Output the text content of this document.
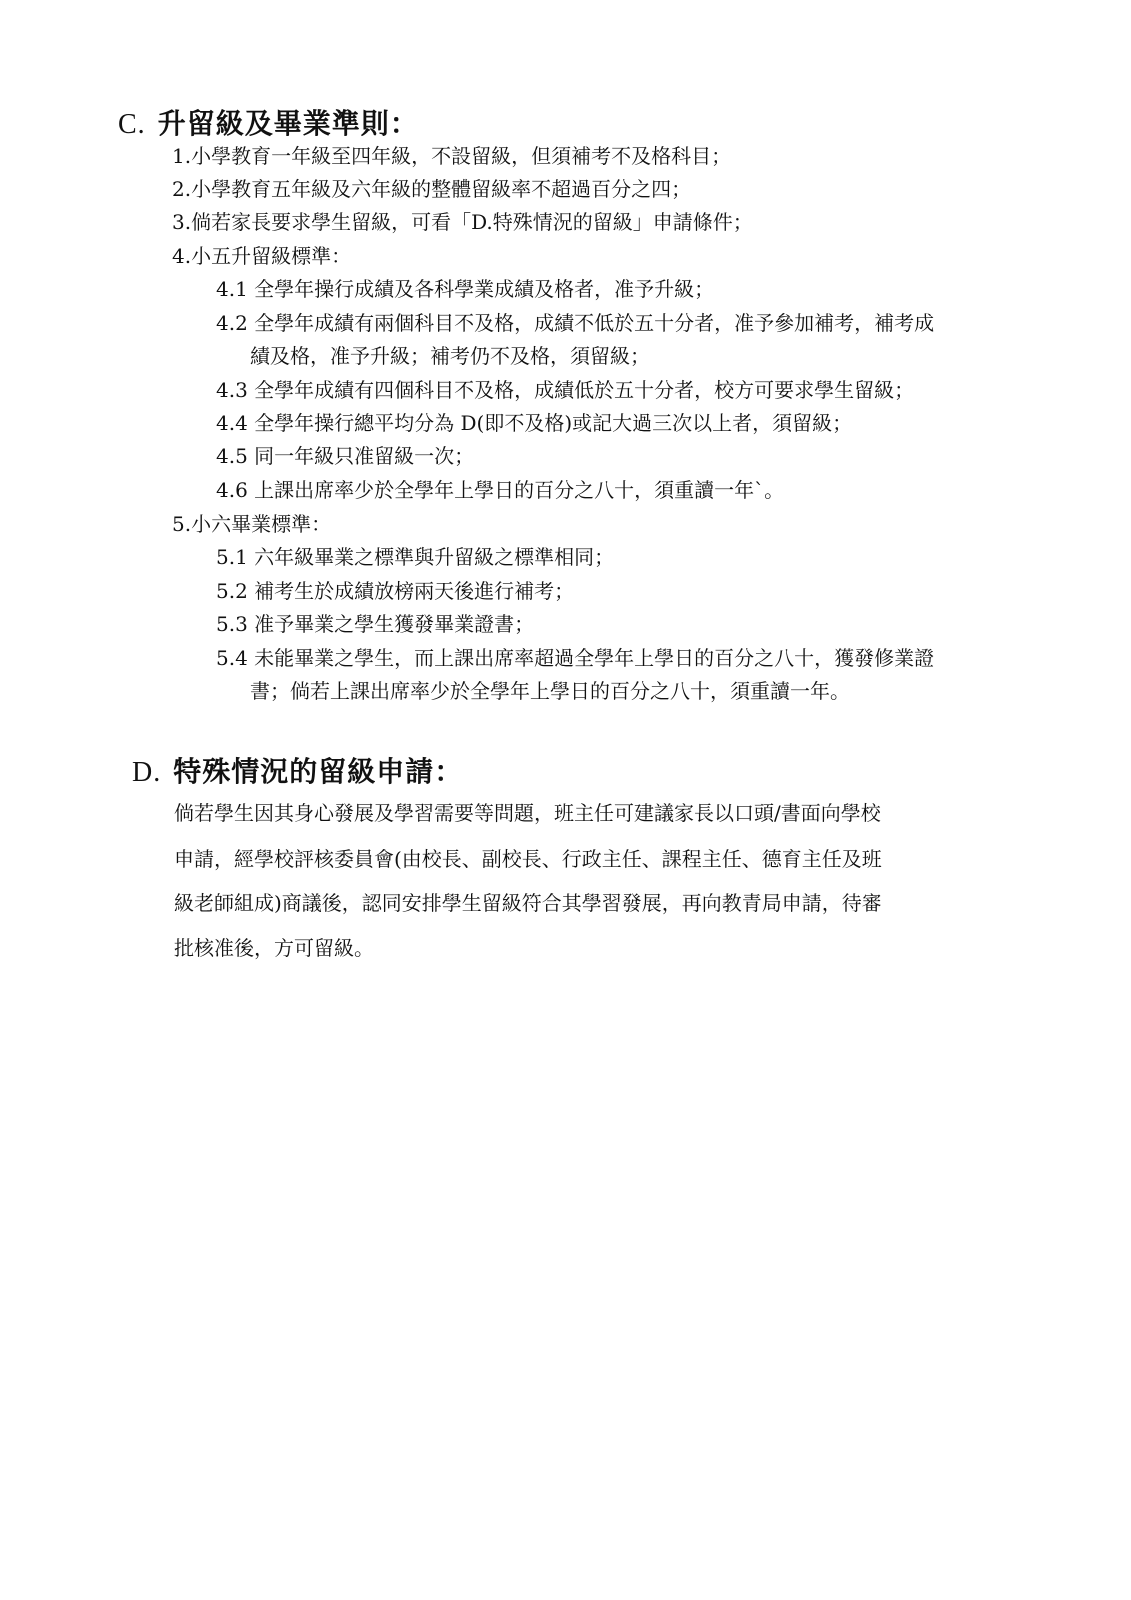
C. 升留級及畢業準則：
1.小學教育一年級至四年級，不設留級，但須補考不及格科目；
2.小學教育五年級及六年級的整體留級率不超過百分之四；
3.倘若家長要求學生留級，可看「D.特殊情況的留級」申請條件；
4.小五升留級標準：
4.1 全學年操行成績及各科學業成績及格者，准予升級；
4.2 全學年成績有兩個科目不及格，成績不低於五十分者，准予參加補考，補考成
績及格，准予升級；補考仍不及格，須留級；
4.3 全學年成績有四個科目不及格，成績低於五十分者，校方可要求學生留級；
4.4 全學年操行總平均分為 D(即不及格)或記大過三次以上者，須留級；
4.5 同一年級只准留級一次；
4.6 上課出席率少於全學年上學日的百分之八十，須重讀一年`。
5.小六畢業標準：
5.1 六年級畢業之標準與升留級之標準相同；
5.2 補考生於成績放榜兩天後進行補考；
5.3 准予畢業之學生獲發畢業證書；
5.4 未能畢業之學生，而上課出席率超過全學年上學日的百分之八十，獲發修業證
書；倘若上課出席率少於全學年上學日的百分之八十，須重讀一年。
D. 特殊情況的留級申請：
倘若學生因其身心發展及學習需要等問題，班主任可建議家長以口頭/書面向學校
申請，經學校評核委員會(由校長、副校長、行政主任、課程主任、德育主任及班
級老師組成)商議後，認同安排學生留級符合其學習發展，再向教青局申請，待審
批核准後，方可留級。
